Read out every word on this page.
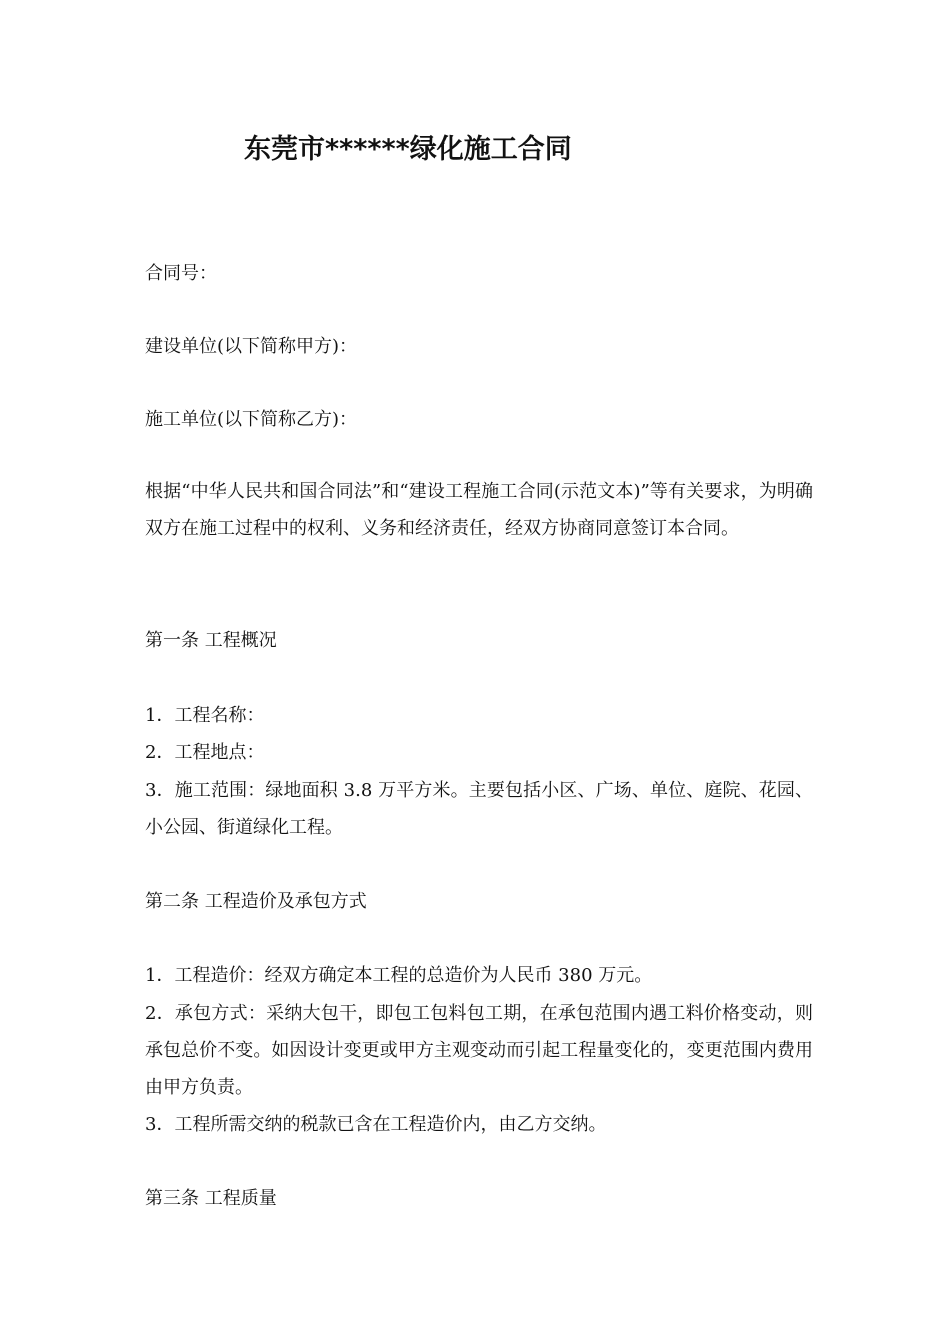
东莞市******绿化施工合同

合同号：

建设单位(以下简称甲方)：

施工单位(以下简称乙方)：

根据“中华人民共和国合同法”和“建设工程施工合同(示范文本)”等有关要求，为明确双方在施工过程中的权利、义务和经济责任，经双方协商同意签订本合同。

第一条 工程概况

1．工程名称：

2．工程地点：

3．施工范围：绿地面积 3.8 万平方米。主要包括小区、广场、单位、庭院、花园、小公园、街道绿化工程。

第二条 工程造价及承包方式

1．工程造价：经双方确定本工程的总造价为人民币 380 万元。

2．承包方式：采纳大包干，即包工包料包工期，在承包范围内遇工料价格变动，则承包总价不变。如因设计变更或甲方主观变动而引起工程量变化的，变更范围内费用由甲方负责。

3．工程所需交纳的税款已含在工程造价内，由乙方交纳。

第三条 工程质量
